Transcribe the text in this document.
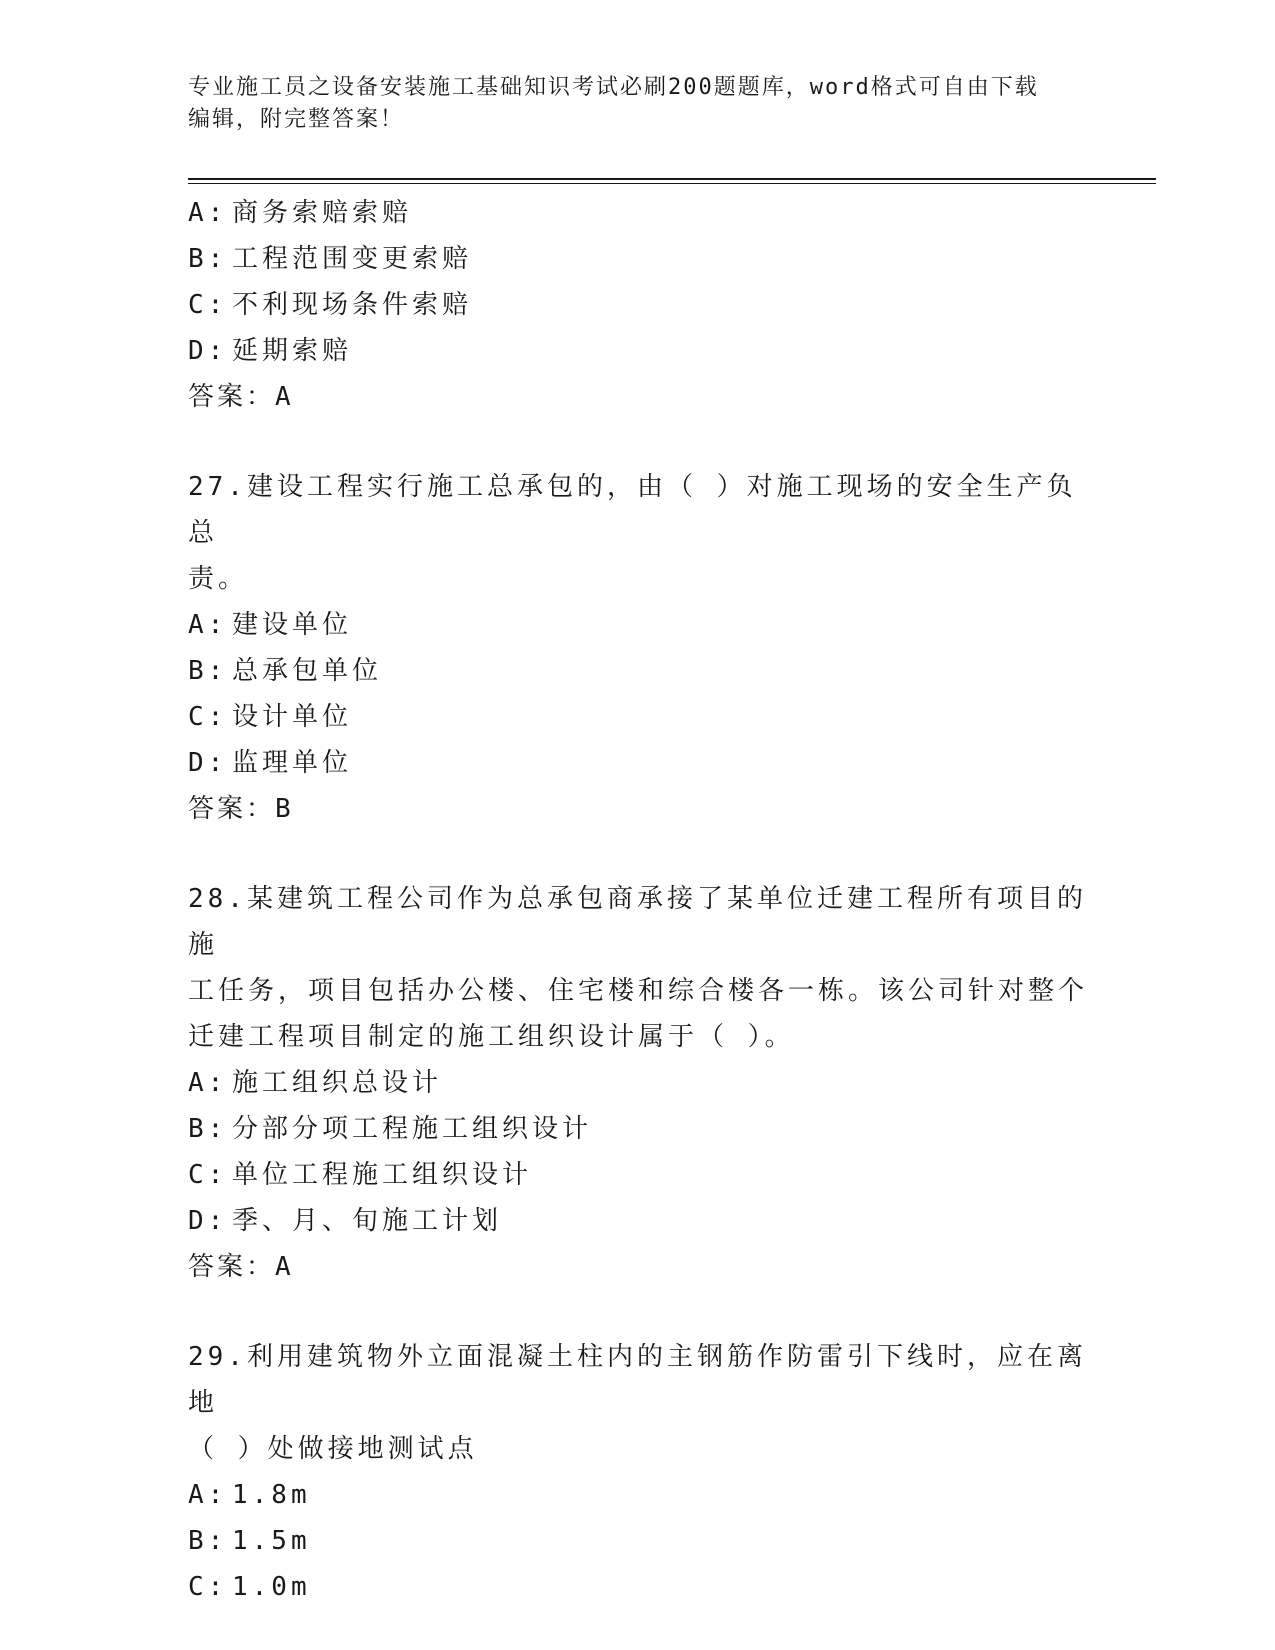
专业施工员之设备安装施工基础知识考试必刷200题题库，word格式可自由下载
编辑，附完整答案！
A: 商务索赔索赔
B: 工程范围变更索赔
C: 不利现场条件索赔
D: 延期索赔
答案：A
27.建设工程实行施工总承包的，由（ ）对施工现场的安全生产负总
责。
A: 建设单位
B: 总承包单位
C: 设计单位
D: 监理单位
答案：B
28.某建筑工程公司作为总承包商承接了某单位迁建工程所有项目的施
工任务，项目包括办公楼、住宅楼和综合楼各一栋。该公司针对整个
迁建工程项目制定的施工组织设计属于（ ）。
A: 施工组织总设计
B: 分部分项工程施工组织设计
C: 单位工程施工组织设计
D: 季、月、旬施工计划
答案：A
29.利用建筑物外立面混凝土柱内的主钢筋作防雷引下线时，应在离地
（ ）处做接地测试点
A: 1.8m
B: 1.5m
C: 1.0m
